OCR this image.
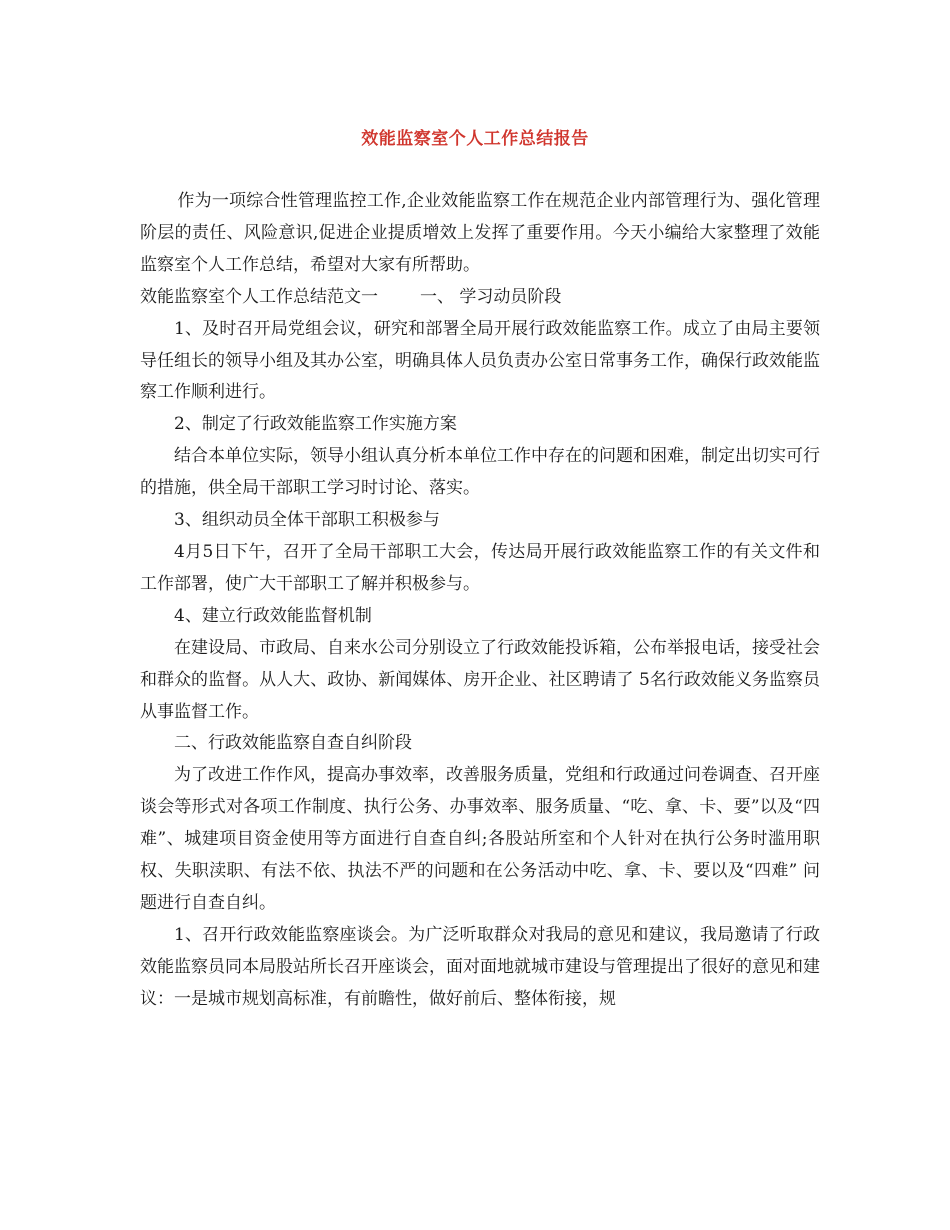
效能监察室个人工作总结报告

作为一项综合性管理监控工作,企业效能监察工作在规范企业内部管理行为、强化管理阶层的责任、风险意识,促进企业提质增效上发挥了重要作用。今天小编给大家整理了效能监察室个人工作总结，希望对大家有所帮助。

效能监察室个人工作总结范文一 一、 学习动员阶段

1、及时召开局党组会议，研究和部署全局开展行政效能监察工作。成立了由局主要领导任组长的领导小组及其办公室，明确具体人员负责办公室日常事务工作，确保行政效能监察工作顺利进行。

2、制定了行政效能监察工作实施方案

结合本单位实际，领导小组认真分析本单位工作中存在的问题和困难，制定出切实可行的措施，供全局干部职工学习时讨论、落实。

3、组织动员全体干部职工积极参与

4月5日下午，召开了全局干部职工大会，传达局开展行政效能监察工作的有关文件和工作部署，使广大干部职工了解并积极参与。

4、建立行政效能监督机制

在建设局、市政局、自来水公司分别设立了行政效能投诉箱，公布举报电话，接受社会和群众的监督。从人大、政协、新闻媒体、房开企业、社区聘请了 5名行政效能义务监察员从事监督工作。

二、行政效能监察自查自纠阶段

为了改进工作作风，提高办事效率，改善服务质量，党组和行政通过问卷调查、召开座谈会等形式对各项工作制度、执行公务、办事效率、服务质量、“吃、拿、卡、要”以及“四难”、城建项目资金使用等方面进行自查自纠;各股站所室和个人针对在执行公务时滥用职权、失职渎职、有法不依、执法不严的问题和在公务活动中吃、拿、卡、要以及“四难” 问题进行自查自纠。

1、召开行政效能监察座谈会。为广泛听取群众对我局的意见和建议，我局邀请了行政效能监察员同本局股站所长召开座谈会，面对面地就城市建设与管理提出了很好的意见和建议：一是城市规划高标准，有前瞻性，做好前后、整体衔接，规
